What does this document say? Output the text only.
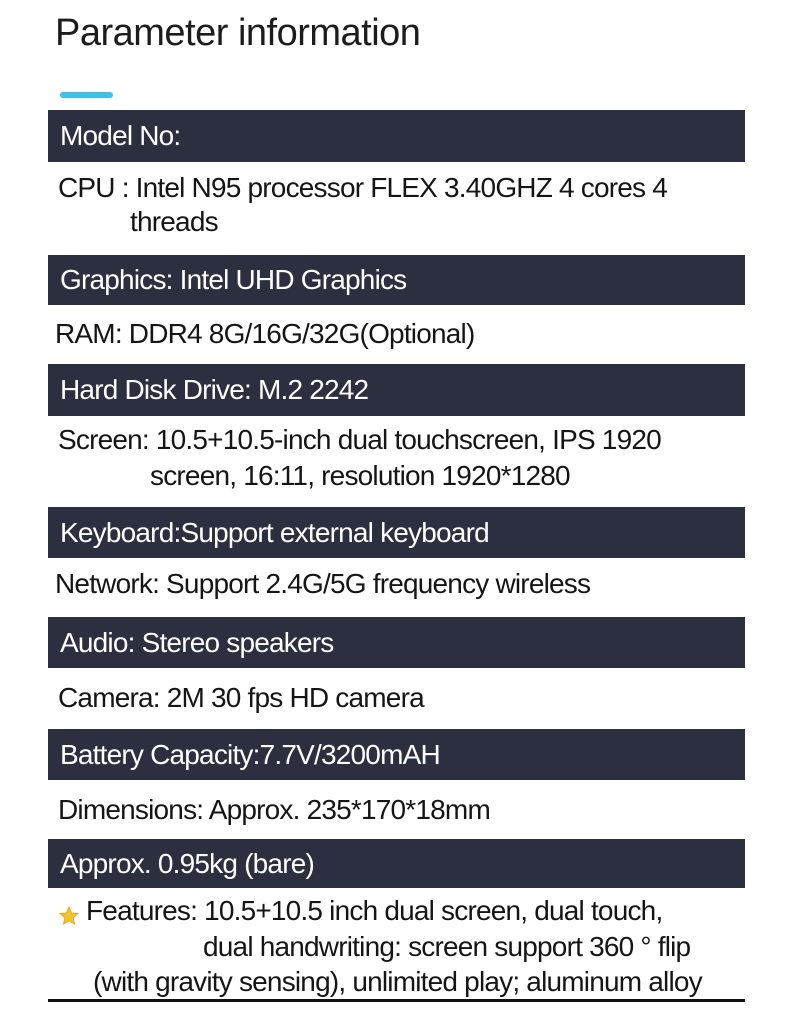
Parameter information
Model No:
CPU : Intel N95 processor FLEX 3.40GHZ 4 cores 4
threads
Graphics: Intel UHD Graphics
RAM: DDR4 8G/16G/32G(Optional)
Hard Disk Drive: M.2 2242
Screen: 10.5+10.5-inch dual touchscreen, IPS 1920
screen, 16:11, resolution 1920*1280
Keyboard:Support external keyboard
Network: Support 2.4G/5G frequency wireless
Audio: Stereo speakers
Camera: 2M 30 fps HD camera
Battery Capacity:7.7V/3200mAH
Dimensions: Approx. 235*170*18mm
Approx. 0.95kg (bare)
Features: 10.5+10.5 inch dual screen, dual touch,
dual handwriting: screen support 360 ° flip
(with gravity sensing), unlimited play; aluminum alloy
